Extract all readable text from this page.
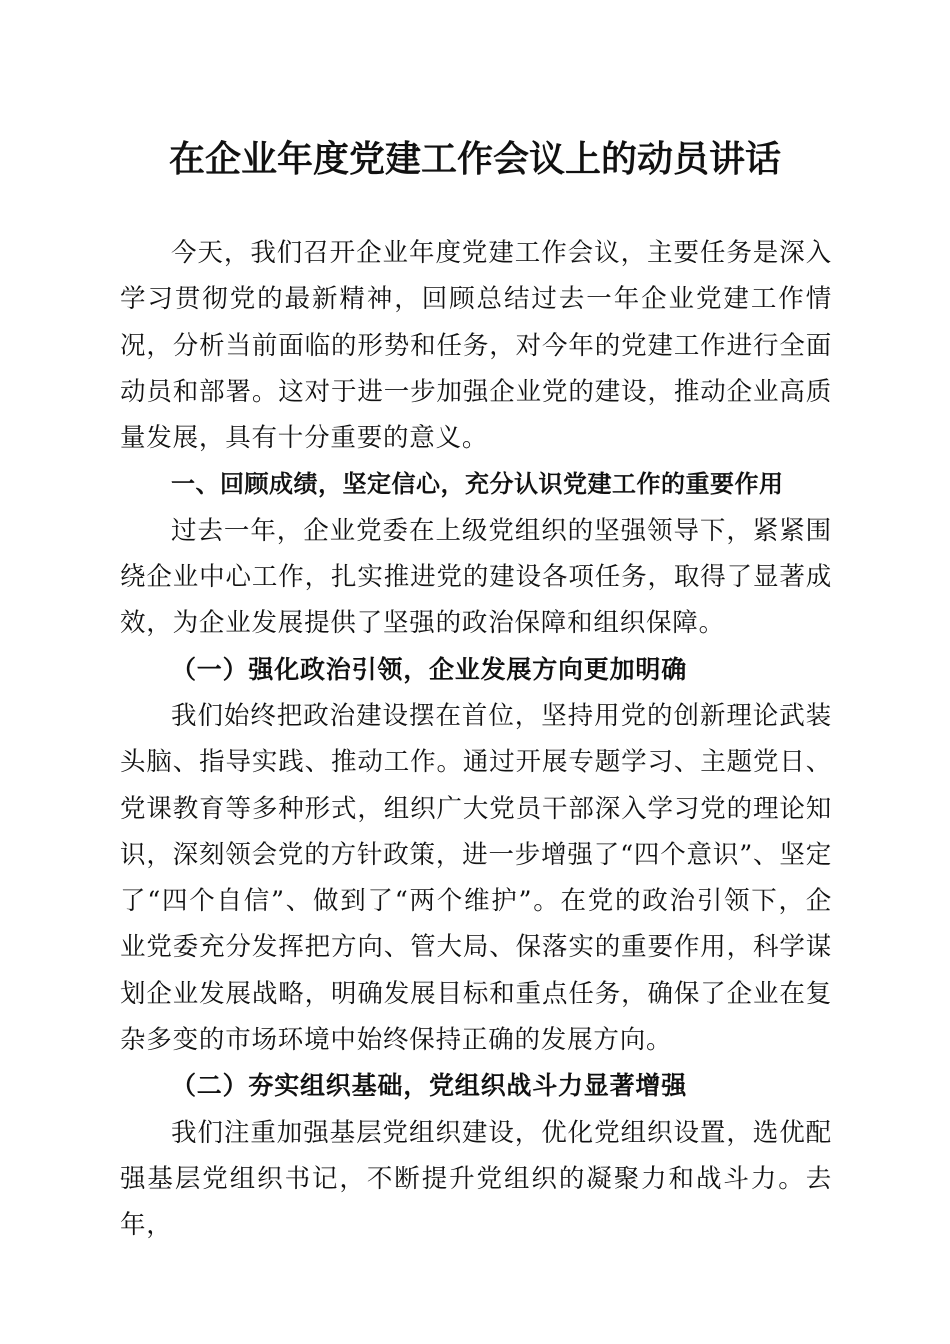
在企业年度党建工作会议上的动员讲话

今天，我们召开企业年度党建工作会议，主要任务是深入学习贯彻党的最新精神，回顾总结过去一年企业党建工作情况，分析当前面临的形势和任务，对今年的党建工作进行全面动员和部署。这对于进一步加强企业党的建设，推动企业高质量发展，具有十分重要的意义。

一、回顾成绩，坚定信心，充分认识党建工作的重要作用

过去一年，企业党委在上级党组织的坚强领导下，紧紧围绕企业中心工作，扎实推进党的建设各项任务，取得了显著成效，为企业发展提供了坚强的政治保障和组织保障。

（一）强化政治引领，企业发展方向更加明确

我们始终把政治建设摆在首位，坚持用党的创新理论武装头脑、指导实践、推动工作。通过开展专题学习、主题党日、党课教育等多种形式，组织广大党员干部深入学习党的理论知识，深刻领会党的方针政策，进一步增强了“四个意识”、坚定了“四个自信”、做到了“两个维护”。在党的政治引领下，企业党委充分发挥把方向、管大局、保落实的重要作用，科学谋划企业发展战略，明确发展目标和重点任务，确保了企业在复杂多变的市场环境中始终保持正确的发展方向。

（二）夯实组织基础，党组织战斗力显著增强

我们注重加强基层党组织建设，优化党组织设置，选优配强基层党组织书记，不断提升党组织的凝聚力和战斗力。去年，
